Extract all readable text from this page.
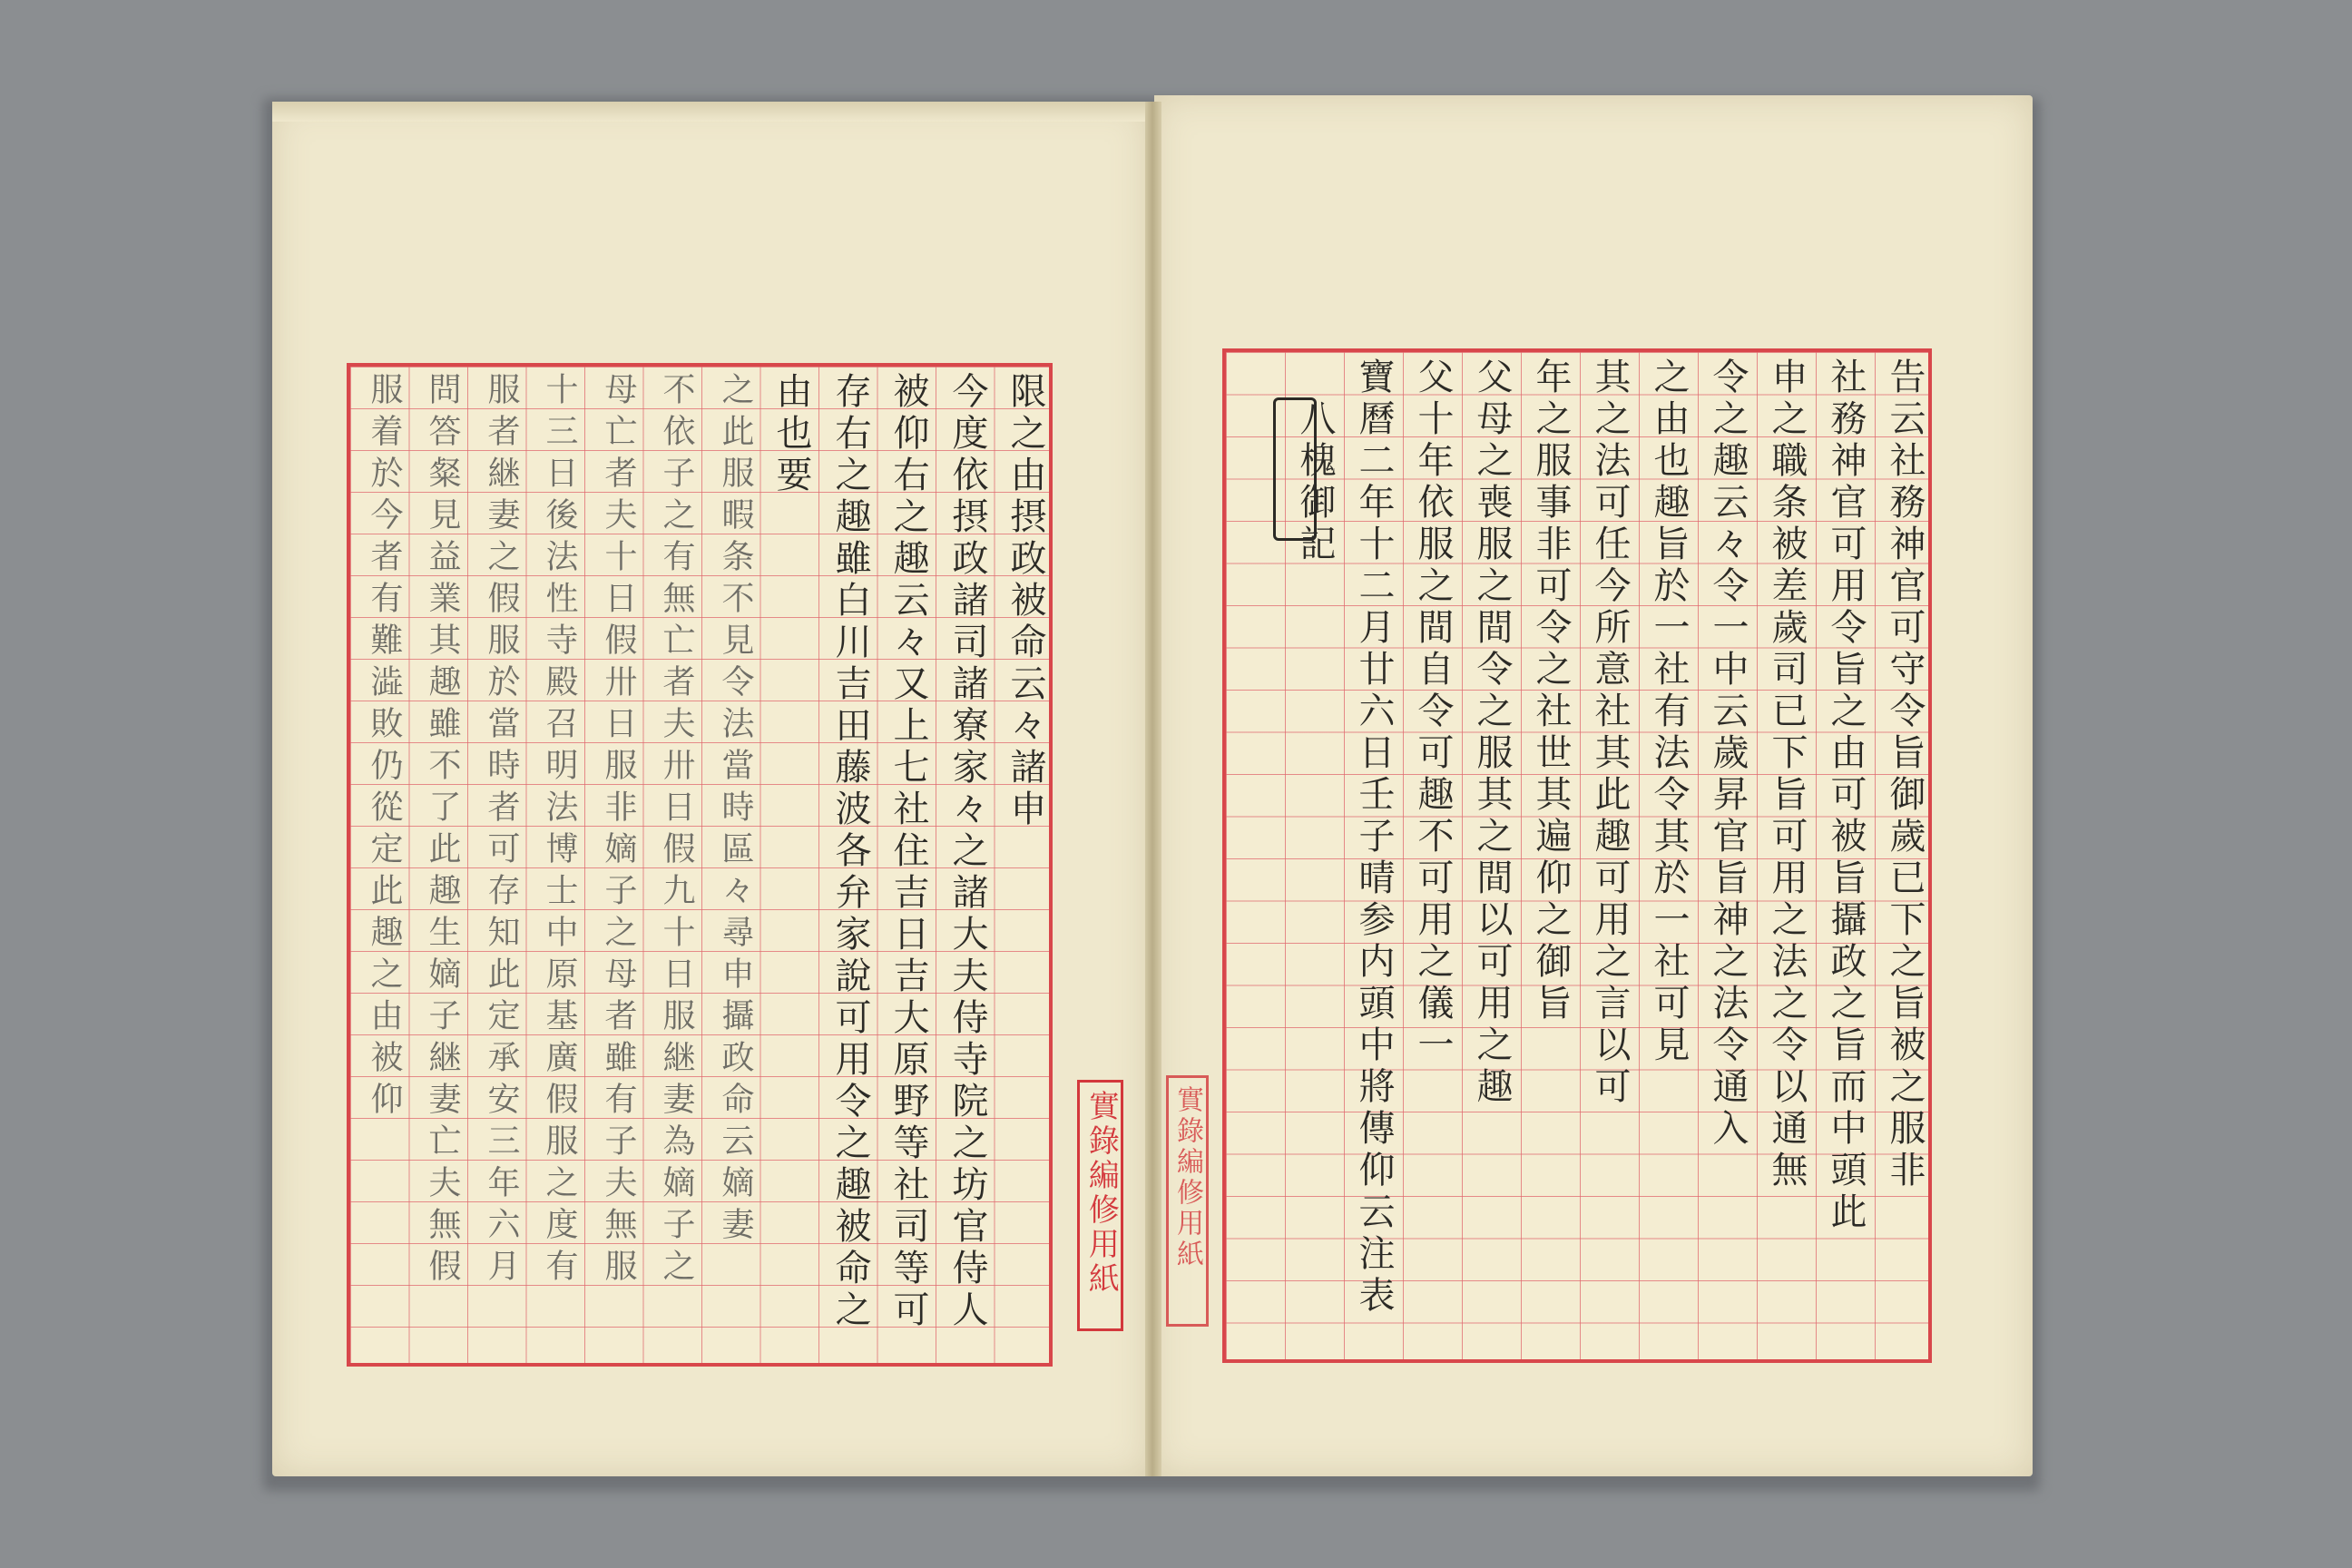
限之由摂政被命云々諸申
今度依摂政諸司諸寮家々之諸大夫侍寺院之坊官侍人
被仰右之趣云々又上七社住吉日吉大原野等社司等可
存右之趣雖白川吉田藤波各弁家說可用令之趣被命之
由也要
之此服暇条不見令法當時區々尋申攝政命云嫡妻
不依子之有無亡者夫卅日假九十日服継妻為嫡子之
母亡者夫十日假卅日服非嫡子之母者雖有子夫無服
十三日後法性寺殿召明法博士中原基廣假服之度有
服者継妻之假服於當時者可存知此定承安三年六月
問答粲見益業其趣雖不了此趣生嫡子継妻亡夫無假
服着於今者有難澁敗仍從定此趣之由被仰
實錄編修用紙
告云社務神官可守令旨御歲已下之旨被之服非
社務神官可用令旨之由可被旨攝政之旨而中頭此
申之職条被差歲司已下旨可用之法之令以通無
令之趣云々令一中云歲昇官旨神之法令通入
之由也趣旨於一社有法令其於一社可見
其之法可任今所意社其此趣可用之言以可
年之服事非可令之社世其遍仰之御旨
父母之喪服之間令之服其之間以可用之趣
父十年依服之間自令可趣不可用之儀一
寶曆二年十二月廿六日壬子晴参内頭中將傳仰云注表
八槐御記
實錄編修用紙
